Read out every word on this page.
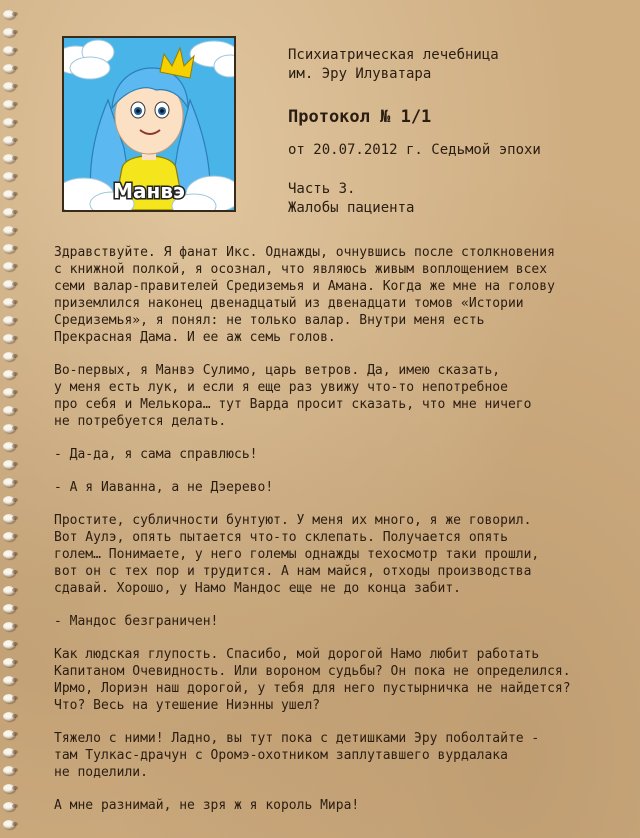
Манвэ
Психиатрическая лечебница
им. Эру Илуватара
Протокол № 1/1
от 20.07.2012 г. Седьмой эпохи
Часть 3.
Жалобы пациента
Здравствуйте. Я фанат Икс. Однажды, очнувшись после столкновения
с книжной полкой, я осознал, что являюсь живым воплощением всех
семи валар-правителей Средиземья и Амана. Когда же мне на голову
приземлился наконец двенадцатый из двенадцати томов «Истории
Средиземья», я понял: не только валар. Внутри меня есть
Прекрасная Дама. И ее аж семь голов.
Во-первых, я Манвэ Сулимо, царь ветров. Да, имею сказать,
у меня есть лук, и если я еще раз увижу что-то непотребное
про себя и Мелькора… тут Варда просит сказать, что мне ничего
не потребуется делать.
- Да-да, я сама справлюсь!
- А я Иаванна, а не Дэерево!
Простите, субличности бунтуют. У меня их много, я же говорил.
Вот Аулэ, опять пытается что-то склепать. Получается опять
голем… Понимаете, у него големы однажды техосмотр таки прошли,
вот он с тех пор и трудится. А нам майся, отходы производства
сдавай. Хорошо, у Намо Мандос еще не до конца забит.
- Мандос безграничен!
Как людская глупость. Спасибо, мой дорогой Намо любит работать
Капитаном Очевидность. Или вороном судьбы? Он пока не определился.
Ирмо, Лориэн наш дорогой, у тебя для него пустырничка не найдется?
Что? Весь на утешение Ниэнны ушел?
Тяжело с ними! Ладно, вы тут пока с детишками Эру поболтайте -
там Тулкас-драчун с Оромэ-охотником заплутавшего вурдалака
не поделили.
А мне разнимай, не зря ж я король Мира!
